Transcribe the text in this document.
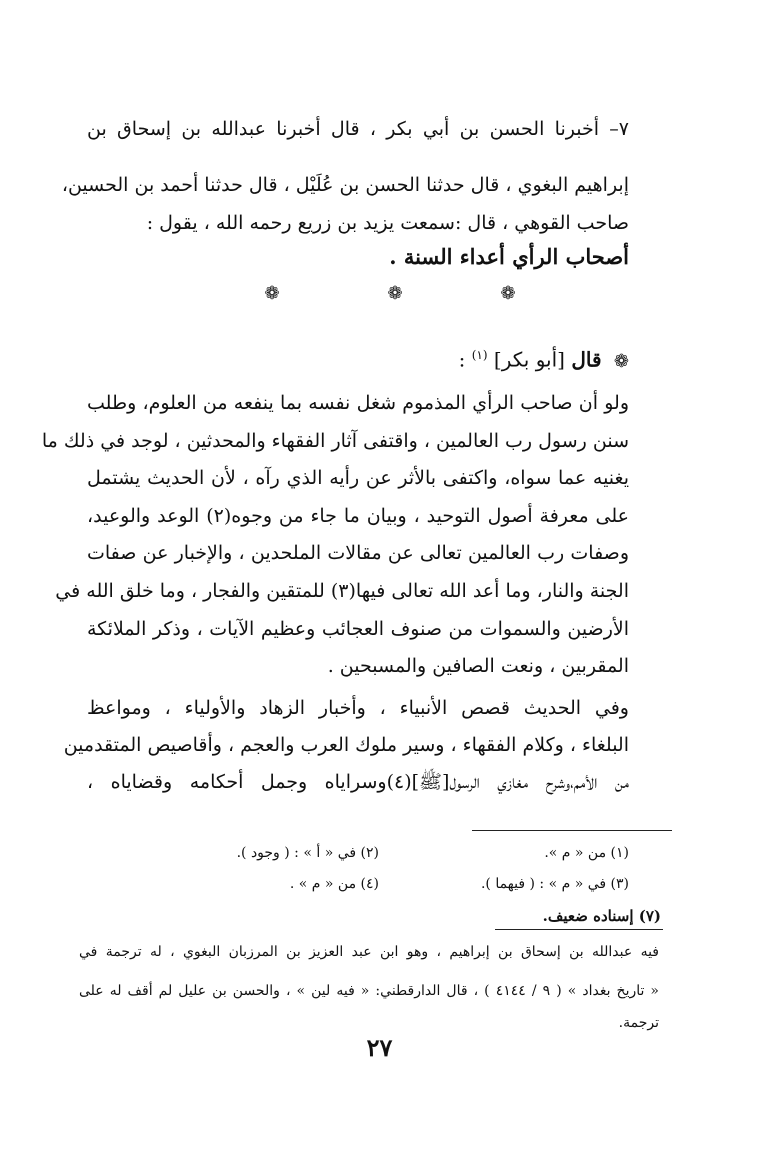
٧– أخبرنا الحسن بن أبي بكر ، قال أخبرنا عبدالله بن إسحاق بن
إبراهيم البغوي ، قال حدثنا الحسن بن عُلَيْل ، قال حدثنا أحمد بن الحسين،
صاحب القوهي ، قال :سمعت يزيد بن زريع رحمه الله ، يقول :
أصحاب الرأي أعداء السنة .
❁	❁	❁
❁ قال [أبو بكر] $^{(١)}$ :
ولو أن صاحب الرأي المذموم شغل نفسه بما ينفعه من العلوم، وطلب
سنن رسول رب العالمين ، واقتفى آثار الفقهاء والمحدثين ، لوجد في ذلك ما
يغنيه عما سواه، واكتفى بالأثر عن رأيه الذي رآه ، لأن الحديث يشتمل
على معرفة أصول التوحيد ، وبيان ما جاء من وجوه(٢) الوعد والوعيد،
وصفات رب العالمين تعالى عن مقالات الملحدين ، والإخبار عن صفات
الجنة والنار، وما أعد الله تعالى فيها(٣) للمتقين والفجار ، وما خلق الله في
الأرضين والسموات من صنوف العجائب وعظيم الآيات ، وذكر الملائكة
المقربين ، ونعت الصافين والمسبحين .
وفي الحديث قصص الأنبياء ، وأخبار الزهاد والأولياء ، ومواعظ
البلغاء ، وكلام الفقهاء ، وسير ملوك العرب والعجم ، وأقاصيص المتقدمين
من الأمم،وشرح مغازي الرسول[ﷺ](٤)وسراياه وجمل أحكامه وقضاياه ،
(١) من « م ».
(٢) في « أ » : ( وجود ).
(٣) في « م » : ( فيهما ).
(٤) من « م » .
(٧) إسناده ضعيف.
فيه عبدالله بن إسحاق بن إبراهيم ، وهو ابن عبد العزيز بن المرزبان البغوي ، له ترجمة في
« تاريخ بغداد » ( ٩ / ٤١٤٤ ) ، قال الدارقطني: « فيه لين » ، والحسن بن عليل لم أقف له على
ترجمة.
٢٧
